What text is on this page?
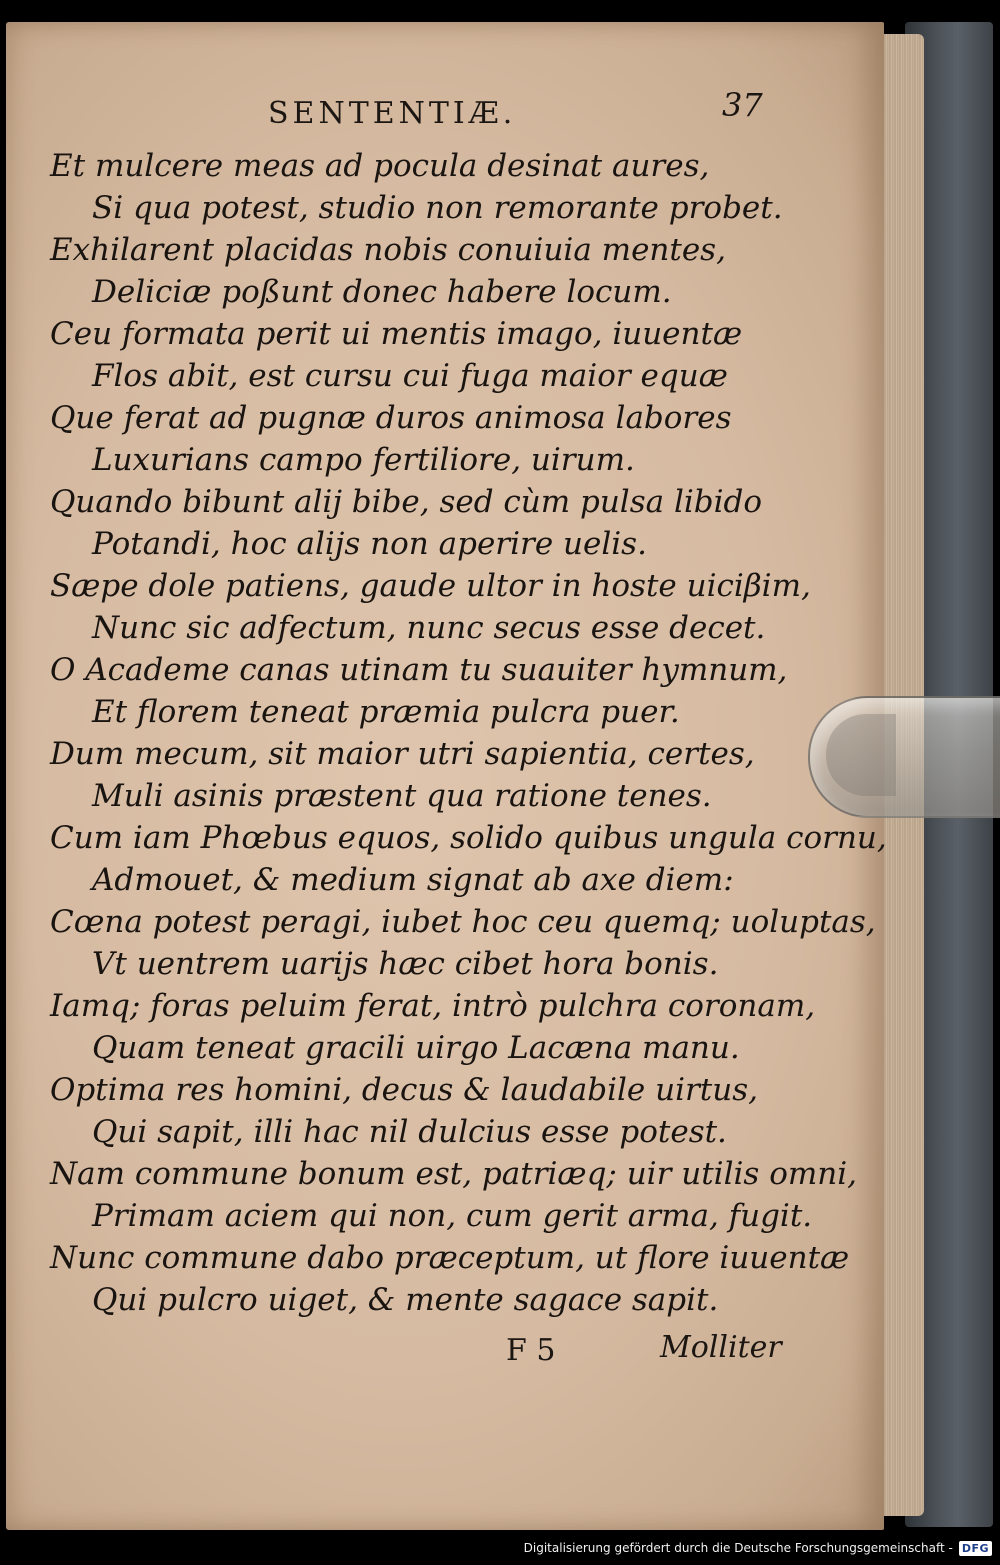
SENTENTIÆ.	37
Et mulcere meas ad pocula desinat aures,
Si qua potest, studio non remorante probet.
Exhilarent placidas nobis conuiuia mentes,
Deliciæ poßunt donec habere locum.
Ceu formata perit ui mentis imago, iuuentæ
Flos abit, est cursu cui fuga maior equæ
Que ferat ad pugnæ duros animosa labores
Luxurians campo fertiliore, uirum.
Quando bibunt alij bibe, sed cùm pulsa libido
Potandi, hoc alijs non aperire uelis.
Sæpe dole patiens, gaude ultor in hoste uiciβim,
Nunc sic adfectum, nunc secus esse decet.
O Academe canas utinam tu suauiter hymnum,
Et florem teneat præmia pulcra puer.
Dum mecum, sit maior utri sapientia, certes,
Muli asinis præstent qua ratione tenes.
Cum iam Phœbus equos, solido quibus ungula cornu,
Admouet, & medium signat ab axe diem:
Cœna potest peragi, iubet hoc ceu quemq; uoluptas,
Vt uentrem uarijs hæc cibet hora bonis.
Iamq; foras peluim ferat, intrò pulchra coronam,
Quam teneat gracili uirgo Lacæna manu.
Optima res homini, decus & laudabile uirtus,
Qui sapit, illi hac nil dulcius esse potest.
Nam commune bonum est, patriæq; uir utilis omni,
Primam aciem qui non, cum gerit arma, fugit.
Nunc commune dabo præceptum, ut flore iuuentæ
Qui pulcro uiget, & mente sagace sapit.
F 5	Molliter
Digitalisierung gefördert durch die Deutsche Forschungsgemeinschaft - DFG
